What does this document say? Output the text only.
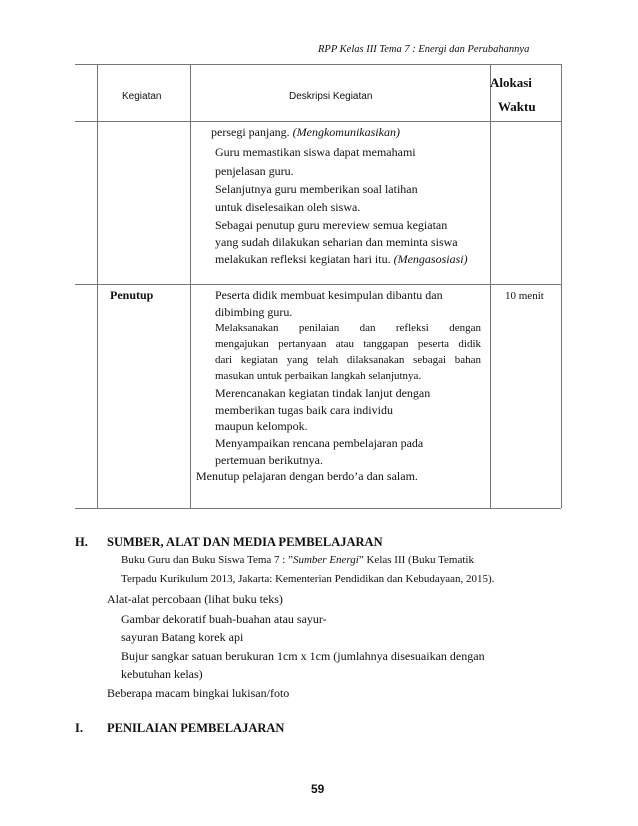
RPP Kelas III Tema 7 : Energi dan Perubahannya
Kegiatan	Deskripsi Kegiatan
Alokasi
Waktu
persegi panjang. (Mengkomunikasikan)
Guru memastikan siswa dapat memahami
penjelasan guru.
Selanjutnya guru memberikan soal latihan
untuk diselesaikan oleh siswa.
Sebagai penutup guru mereview semua kegiatan
yang sudah dilakukan seharian dan meminta siswa
melakukan refleksi kegiatan hari itu. (Mengasosiasi)
Penutup	10 menit
Peserta didik membuat kesimpulan dibantu dan
dibimbing guru.
Melaksanakan penilaian dan refleksi dengan
mengajukan pertanyaan atau tanggapan peserta didik
dari kegiatan yang telah dilaksanakan sebagai bahan
masukan untuk perbaikan langkah selanjutnya.
Merencanakan kegiatan tindak lanjut dengan
memberikan tugas baik cara individu
maupun kelompok.
Menyampaikan rencana pembelajaran pada
pertemuan berikutnya.
Menutup pelajaran dengan berdo’a dan salam.
H. SUMBER, ALAT DAN MEDIA PEMBELAJARAN
Buku Guru dan Buku Siswa Tema 7 : ”Sumber Energi” Kelas III (Buku Tematik
Terpadu Kurikulum 2013, Jakarta: Kementerian Pendidikan dan Kebudayaan, 2015).
Alat-alat percobaan (lihat buku teks)
Gambar dekoratif buah-buahan atau sayur-
sayuran Batang korek api
Bujur sangkar satuan berukuran 1cm x 1cm (jumlahnya disesuaikan dengan
kebutuhan kelas)
Beberapa macam bingkai lukisan/foto
I. PENILAIAN PEMBELAJARAN
59
